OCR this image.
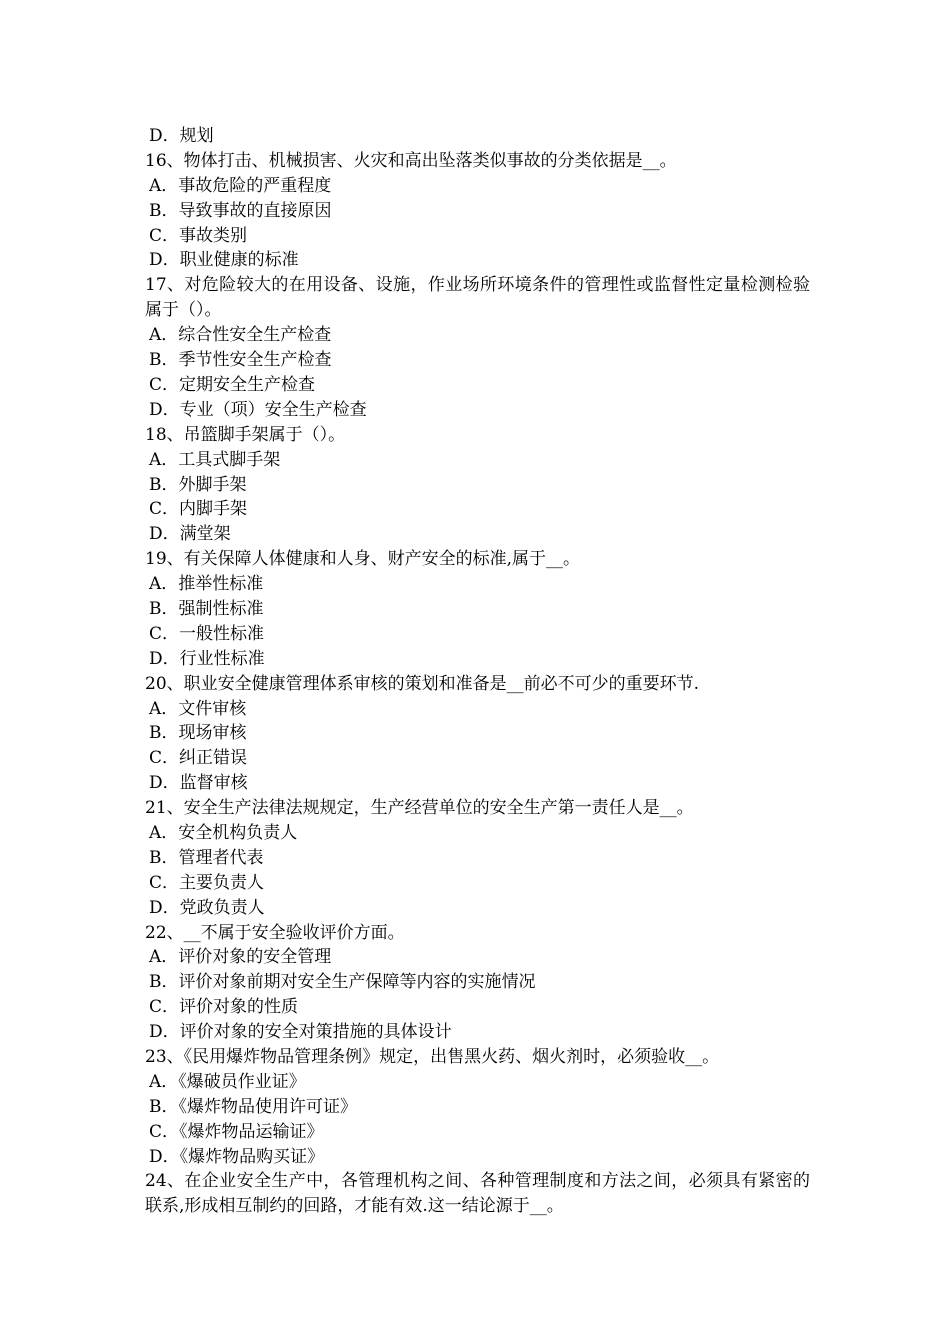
D．规划
16、物体打击、机械损害、火灾和高出坠落类似事故的分类依据是__。
A．事故危险的严重程度
B．导致事故的直接原因
C．事故类别
D．职业健康的标准
17、对危险较大的在用设备、设施，作业场所环境条件的管理性或监督性定量检测检验属于（）。
A．综合性安全生产检查
B．季节性安全生产检查
C．定期安全生产检查
D．专业（项）安全生产检查
18、吊篮脚手架属于（）。
A．工具式脚手架
B．外脚手架
C．内脚手架
D．满堂架
19、有关保障人体健康和人身、财产安全的标准,属于__。
A．推举性标准
B．强制性标准
C．一般性标准
D．行业性标准
20、职业安全健康管理体系审核的策划和准备是__前必不可少的重要环节.
A．文件审核
B．现场审核
C．纠正错误
D．监督审核
21、安全生产法律法规规定，生产经营单位的安全生产第一责任人是__。
A．安全机构负责人
B．管理者代表
C．主要负责人
D．党政负责人
22、__不属于安全验收评价方面。
A．评价对象的安全管理
B．评价对象前期对安全生产保障等内容的实施情况
C．评价对象的性质
D．评价对象的安全对策措施的具体设计
23、《民用爆炸物品管理条例》规定，出售黑火药、烟火剂时，必须验收__。
A．《爆破员作业证》
B．《爆炸物品使用许可证》
C．《爆炸物品运输证》
D．《爆炸物品购买证》
24、在企业安全生产中，各管理机构之间、各种管理制度和方法之间，必须具有紧密的联系,形成相互制约的回路，才能有效.这一结论源于__。
